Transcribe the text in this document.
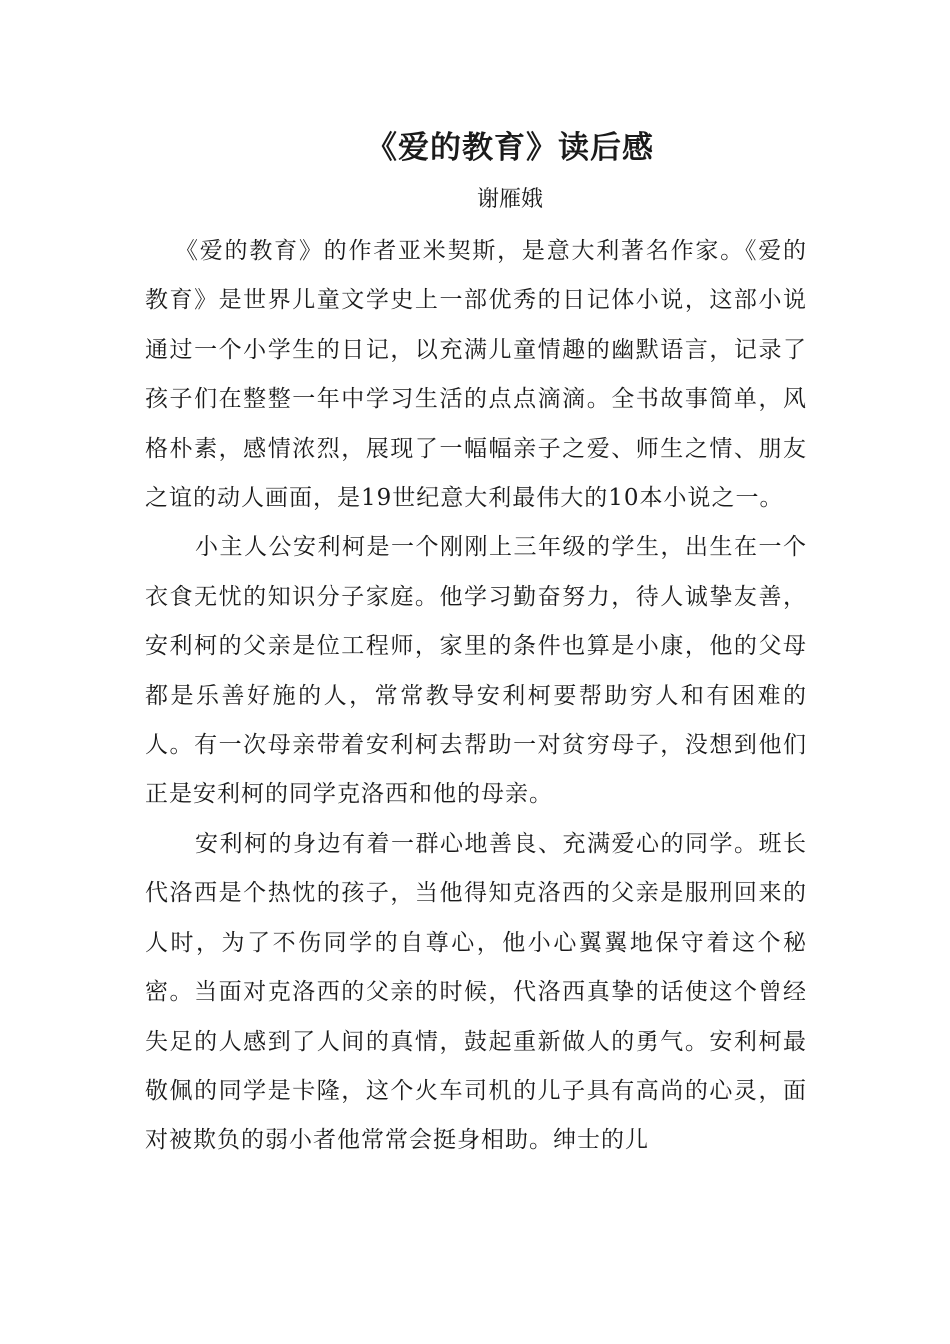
《爱的教育》读后感
谢雁娥

《爱的教育》的作者亚米契斯，是意大利著名作家。《爱的教育》是世界儿童文学史上一部优秀的日记体小说，这部小说通过一个小学生的日记，以充满儿童情趣的幽默语言，记录了孩子们在整整一年中学习生活的点点滴滴。全书故事简单，风格朴素，感情浓烈，展现了一幅幅亲子之爱、师生之情、朋友之谊的动人画面，是19世纪意大利最伟大的10本小说之一。

小主人公安利柯是一个刚刚上三年级的学生，出生在一个衣食无忧的知识分子家庭。他学习勤奋努力，待人诚挚友善，安利柯的父亲是位工程师，家里的条件也算是小康，他的父母都是乐善好施的人，常常教导安利柯要帮助穷人和有困难的人。有一次母亲带着安利柯去帮助一对贫穷母子，没想到他们正是安利柯的同学克洛西和他的母亲。

安利柯的身边有着一群心地善良、充满爱心的同学。班长代洛西是个热忱的孩子，当他得知克洛西的父亲是服刑回来的人时，为了不伤同学的自尊心，他小心翼翼地保守着这个秘密。当面对克洛西的父亲的时候，代洛西真挚的话使这个曾经失足的人感到了人间的真情，鼓起重新做人的勇气。安利柯最敬佩的同学是卡隆，这个火车司机的儿子具有高尚的心灵，面对被欺负的弱小者他常常会挺身相助。绅士的儿
